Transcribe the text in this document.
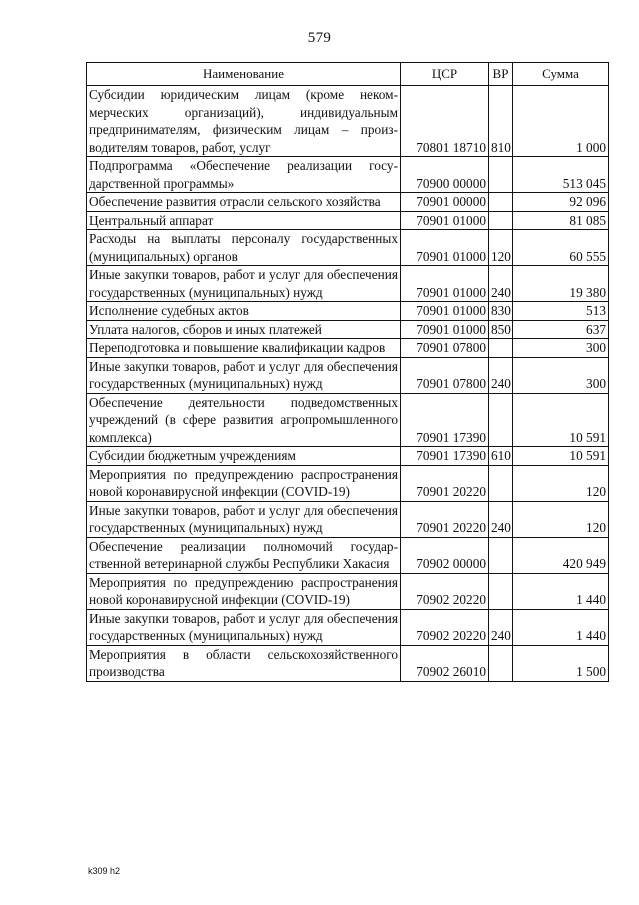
579
Наименование	ЦСР	ВР	Сумма
Субсидии юридическим лицам (кроме некоммерческих организаций), индивидуальным предпринимателям, физическим лицам – производителям товаров, работ, услуг	70801 18710	810	1 000
Подпрограмма «Обеспечение реализации государственной программы»	70900 00000		513 045
Обеспечение развития отрасли сельского хозяйства	70901 00000		92 096
Центральный аппарат	70901 01000		81 085
Расходы на выплаты персоналу государственных (муниципальных) органов	70901 01000	120	60 555
Иные закупки товаров, работ и услуг для обеспечения государственных (муниципальных) нужд	70901 01000	240	19 380
Исполнение судебных актов	70901 01000	830	513
Уплата налогов, сборов и иных платежей	70901 01000	850	637
Переподготовка и повышение квалификации кадров	70901 07800		300
Иные закупки товаров, работ и услуг для обеспечения государственных (муниципальных) нужд	70901 07800	240	300
Обеспечение деятельности подведомственных учреждений (в сфере развития агропромышленного комплекса)	70901 17390		10 591
Субсидии бюджетным учреждениям	70901 17390	610	10 591
Мероприятия по предупреждению распространения новой коронавирусной инфекции (COVID-19)	70901 20220		120
Иные закупки товаров, работ и услуг для обеспечения государственных (муниципальных) нужд	70901 20220	240	120
Обеспечение реализации полномочий государственной ветеринарной службы Республики Хакасия	70902 00000		420 949
Мероприятия по предупреждению распространения новой коронавирусной инфекции (COVID-19)	70902 20220		1 440
Иные закупки товаров, работ и услуг для обеспечения государственных (муниципальных) нужд	70902 20220	240	1 440
Мероприятия в области сельскохозяйственного производства	70902 26010		1 500
k309 h2
